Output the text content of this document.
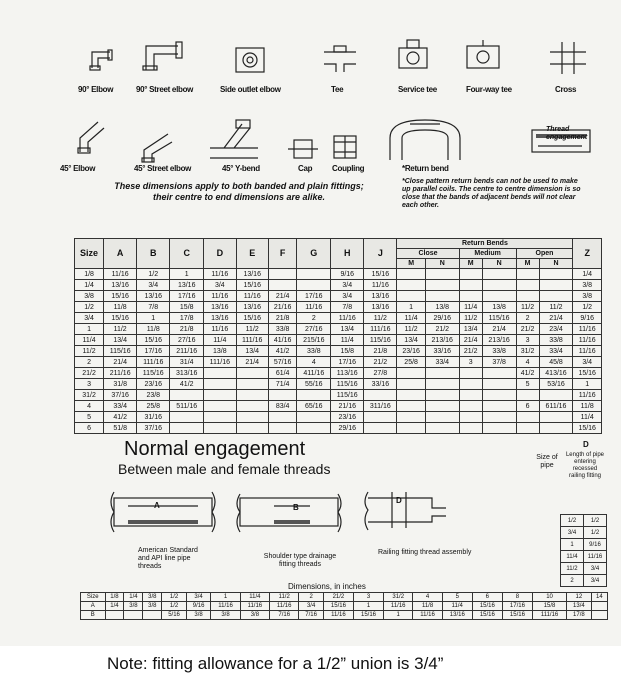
90° Elbow	90° Street elbow	Side outlet elbow	Tee	Service tee	Four-way tee	Cross
Thread engagement
45° Elbow	45° Street elbow	45° Y-bend	Cap Coupling	*Return bend
These dimensions apply to both banded and plain fittings; their centre to end dimensions are alike.
*Close pattern return bends can not be used to make up parallel coils. The centre to centre dimension is so close that the bands of adjacent bends will not clear each other.
Size	A	B	C	D	E	F	G	H	J	Return Bends						Z
										Close		Medium		Open		
										M	N	M	N	M	N	
1/8	11/16	1/2	1	11/16	13/16			9/16	15/16							1/4
1/4	13/16	3/4	13/16	3/4	15/16			3/4	11/16							3/8
3/8	15/16	13/16	17/16	11/16	11/16	21/4	17/16	3/4	13/16							3/8
1/2	11/8	7/8	15/8	13/16	13/16	21/16	11/16	7/8	13/16	1	13/8	11/4	13/8	11/2	11/2	1/2
3/4	15/16	1	17/8	13/16	15/16	21/8	2	11/16	11/2	11/4	29/16	11/2	115/16	2	21/4	9/16
1	11/2	11/8	21/8	11/16	11/2	33/8	27/16	13/4	111/16	11/2	21/2	13/4	21/4	21/2	23/4	11/16
11/4	13/4	15/16	27/16	11/4	111/16	41/16	215/16	11/4	115/16	13/4	213/16	21/4	213/16	3	33/8	11/16
11/2	115/16	17/16	211/16	13/8	13/4	41/2	33/8	15/8	21/8	23/16	33/16	21/2	33/8	31/2	33/4	11/16
2	21/4	111/16	31/4	111/16	21/4	57/16	4	17/16	21/2	25/8	33/4	3	37/8	4	45/8	3/4
21/2	211/16	115/16	313/16			61/4	411/16	113/16	27/8					41/2	413/16	15/16
3	31/8	23/16	41/2			71/4	55/16	115/16	33/16					5	53/16	1
31/2	37/16	23/8						115/16								11/16
4	33/4	25/8	511/16			83/4	65/16	21/16	311/16					6	611/16	11/8
5	41/2	31/16						23/16								11/4
6	51/8	37/16						29/16								15/16
Normal engagement
Between male and female threads
A	B
D
American Standard and API line pipe threads
Shoulder type drainage fitting threads
Railing fitting thread assembly
D
Size of pipe
Length of pipe entering recessed railing fitting
1/2	1/2
3/4	1/2
1	9/16
11/4	11/16
11/2	3/4
2	3/4
Dimensions, in inches
Size	1/8	1/4	3/8	1/2	3/4	1	11/4	11/2	2	21/2	3	31/2	4	5	6	8	10	12	14
A	1/4	3/8	3/8	1/2	9/16	11/16	11/16	11/16	3/4	15/16	1	11/16	11/8	11/4	15/16	17/16	15/8	13/4	
B				5/16	3/8	3/8	3/8	7/16	7/16	11/16	15/16	1	11/16	13/16	15/16	15/16	111/16	17/8	
Note: fitting allowance for a 1/2” union is 3/4”
